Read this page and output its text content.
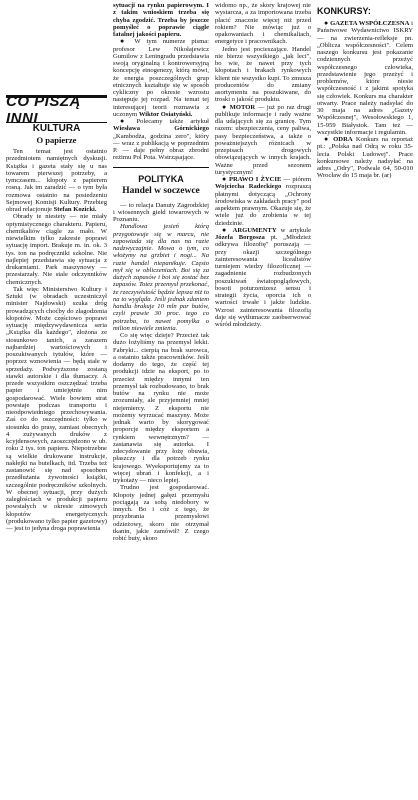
CO PISZĄ INNI
KULTURA
O papierze

Ten temat jest ostatnio przedmiotem namiętnych dyskusji. Książka i gazeta stały się u nas towarem pierwszej potrzeby, a tymczasem... kłopoty z papierem rosną. Jak im zaradzić — o tym była rozmowa ostatnio na posiedzeniu Sejmowej Komisji Kultury. Przebieg obrad relacjonuje Stefan Kozicki.

Obrady te niestety — nie miały optymistycznego charakteru. Papieru, chemikaliów ciągle za mało. W niewielkim tylko zakresie poprawi sytuację import. Brakuje m. in. ok. 3 tys. ton na podręczniki szkolne. Nie najlepiej przedstawia się sytuacja z drukarniami. Park maszynowy — przestarzały. Nie stale odczynników chemicznych.

Tak więc Ministerstwo Kultury i Sztuki (w obradach uczestniczył minister Najdowski) szuka dróg prowadzących choćby do złagodzenia kłopotów. Może częściowo poprawi sytuację międzywydawnicza seria „Książka dla każdego", złożona ze stosunkowo tanich, a zarazem najbardziej wartościowych i poszukiwanych tytułów, które — poprzez wznowienia — będą stale w sprzedaży. Podwyższone zostaną stawki autorskie i dla tłumaczy. A przede wszystkim oszczędzać trzeba papier i umiejętnie nim gospodarować. Wiele bowiem strat powstaje podczas transportu i nieodpowiedniego przechowywania. Zaś co do oszczędności: tylko w stosunku do prasy, zamiast obecnych 4 zużywanych druków z kcyjdensowych, zaoszczędzono w ub. roku 2 tys. ton papieru. Niepotrzebne są wielkie drukowane instrukcje, nakłejki na butelkach, itd. Trzeba też zastanowić się nad sposobem przedłużania żywotności książki, szczególnie podręczników szkolnych. W obecnej sytuacji, przy dużych zaległościach w produkcji papieru powstałych w okresie zimowych kłopotów energetycznych (produkowano tylko papier gazetowy) — jest to jedyna droga poprawienia

sytuacji na rynku papierowym. I z takim wnioskiem trzeba się chyba zgodzić. Trzeba by jeszcze pomyśleć o poprawie ciągle fatalnej jakości papieru.

● W tym numerze pisma: profesor Lew Nikołajewicz Gumilow z Leningradu przedstawia swoją oryginalną i kontrowersyjną koncepcję etnogenezy, którą mówi, że energia poszczególnych grup etnicznych kształtuje się w sposób cykliczny po okresie wzrostu następuje jej rozpad. Na temat tej interesującej teorii rozmawia z uczonym Wiktor Osiatyński.

● Polecamy także artykuł Wiesława Górnickiego „Kambodża, godzina zero", który — wraz z publikacją w poprzednim P. — daje pełny obraz zbrodni reżimu Pol Pota. Wstrząsające.

POLITYKA
Handel w soczewce

— to relacja Danuty Zagrodzkiej i wiosennych giełd towarowych w Poznaniu.

Handlowa jesień którą przygotowuje się w marcu, nie zapowiada się dla nas na razie nadzwyczajnie. Mowa o tym, co włożymy na grzbiet i nogi... Na razie handel niepanikuje. Często mył się w obliczeniach. Boi się za dużych zapasów i boi się zostać bez zapasów. Totez przemysł przekonać, że rzeczywistość będzie lepsza niż to na to wygląda. Jeśli jednak zdaniem handlu brakuje 10 mln par butów, czyli prawie 30 proc. tego co potrzeba, to nawet pomylka o milion niewiele zmienia.

Co się więc dzieje? Przecież tak dużo łożyliśmy na przemysł lekki. Fabryki... cierpią na brak surowca, a ostatnio także pracowników. Jeśli dodamy do tego, że część tej produkcji idzie na eksport, po to przecież między innymi ten przemysł tak rozbudowano, to brak butów na rynku nie może zrozumiały, ale przyjemniej mniej niejemiercy. Z eksportu nie możemy wyrzucać maszyny. Może jednak warto by skorygować proporcje między eksportem a rynkiem wewnętrznym? — zastanawia się autorka. I zdecydowanie przy łożę obuwia, płaszczy i dla potrzeb rynku krajowego. Wyeksportujemy za to więcej ubrań i konfekcji, a i trykotaży — nieco lepiej.

Trudno jest gospodarować. Kłopoty jednej gałęzi przemysłu pociągają za sobą niedobory w innych. Bo i cóż z tego, że przyzbrania przemysłowi odzieżowy, skoro nie otrzymał tkanin, jakie zamówił? Z czego robić buty, skoro

widomo np., że skory krajowej nie wystarcza, a za importowana trzeba płacić znacznie więcej niż przed rokiem? Nie mówiąc już o opakowaniach i chemikaliach, energetyce i pracownikach.

Jedno jest pocieszające. Handel nie bierze wszystkiego „jak leci", bo wie, że nawet przy tych kłopotach i brakach rynkowych klient nie wszystko kupi. To zmusza producentów do zmiany asortymentu na poszukiwane, do troski o jakość produktu.

● MOTOR — już po raz drugi publikuje informacje i rady ważne dla udających się za granicę. Tym razem: ubezpieczenia, ceny paliwa, pasy bezpieczeństwa, a także o poważniejszych różnicach w przepisach drogowych obowiązujących w innych krajach. Ważne przed sezonem turystycznym!

● PRAWO I ŻYCIE — piórem Wojciecha Radeckiego rozpraszą płatnymi dotyczącą „Ochrony środowiska w zakładach pracy" pod aspektem prawnym. Okazuje się, że wiele już do zrobienia w tej dziedzinie.

● ARGUMENTY w artykule Józefa Borgosza pt. „Młodzież odkrywa filozofię" poruszają — przy okazji szczególnego zainteresowania licealistów turniejem wiedzy filozoficznej — zagadnienie rozbudzonych poszukiwań światopoglądowych, bosoti poturzenizesz sensu i strategii życia, oporcia ich o wartości trwałe i jakże ludzkie. Wzrost zainteresowania filozofią daje się wytłumacze zaobserwować wśród młodzieży.

KONKURSY:

● GAZETA WSPÓŁCZESNA i Państwowe Wydawnictwo ISKRY — na zwierzenia-refleksje pn. „Oblicza współczesności". Celem naszego konkursu jest pokazanie codziennych przeżyć współczesnego człowieka, przedstawienie jego przeżyć i problemów, które niesie współczesność i z jakimi spotyka się człowiek. Konkurs ma charakter otwarty. Prace należy nadsyłać do 30 maja na adres „Gazety Współczesnej", Wesołowskiego 1, 15-959 Białystok. Tam też — wszystkie informacje i regulamin.

● ODRA Konkurs na reportaż pt.: „Polska nad Odrą w roku 35-lecia Polski Ludowej". Prace konkursowe należy nadsyłać na adres „Odry", Podwale 64, 50-010 Wrocław do 15 maja br. (ar)
